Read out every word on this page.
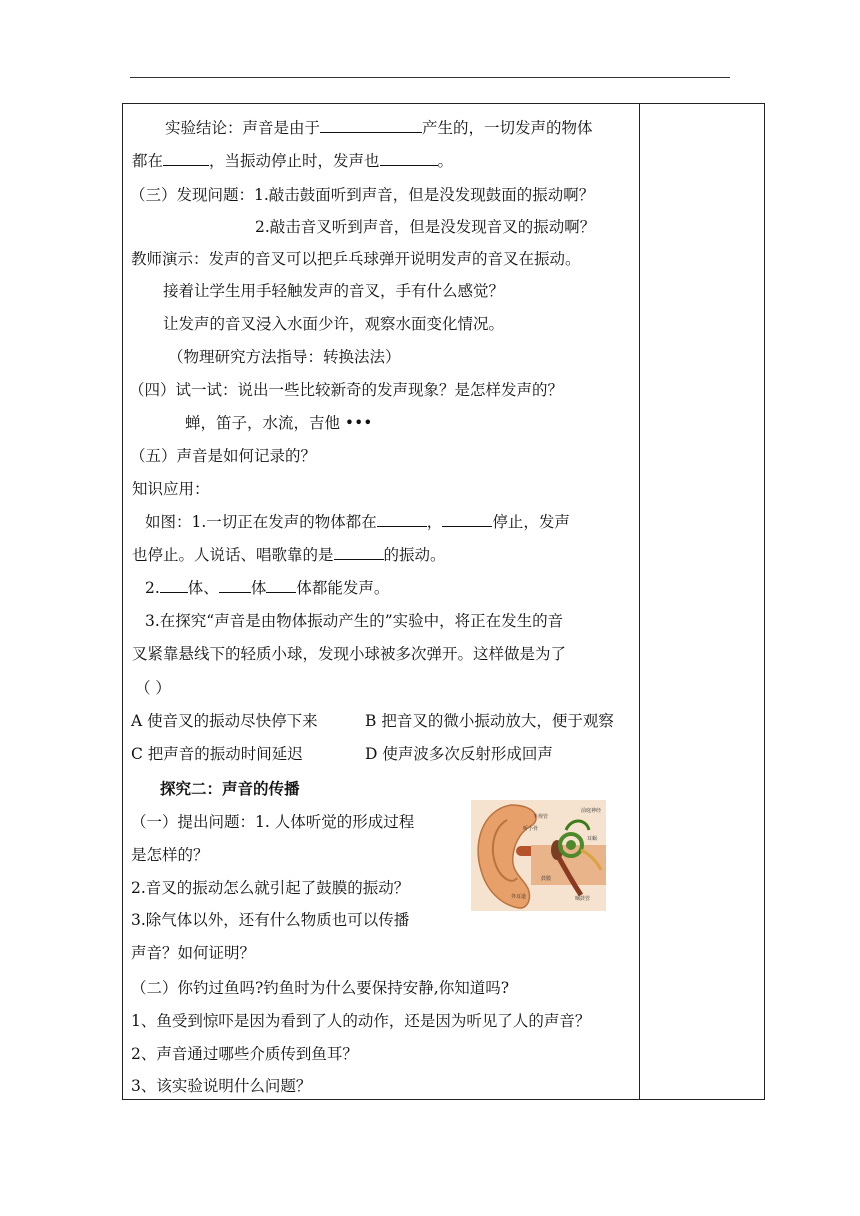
半规管
前庭神经
听小骨
耳蜗
鼓膜
外耳道	咽鼓管
实验结论：声音是由于	产生的，一切发声的物体
都在	，当振动停止时，发声也	。
（三）发现问题：1.敲击鼓面听到声音，但是没发现鼓面的振动啊？
2.敲击音叉听到声音，但是没发现音叉的振动啊？
教师演示：发声的音叉可以把乒乓球弹开说明发声的音叉在振动。
接着让学生用手轻触发声的音叉，手有什么感觉？
让发声的音叉浸入水面少许，观察水面变化情况。
（物理研究方法指导：转换法法）
（四）试一试：说出一些比较新奇的发声现象？是怎样发声的？
蝉，笛子，水流，吉他 •••
（五）声音是如何记录的？
知识应用：
如图：1.一切正在发声的物体都在	，	停止，发声
也停止。人说话、唱歌靠的是	的振动。
2. 体、 体 体都能发声。
3.在探究“声音是由物体振动产生的”实验中，将正在发生的音
叉紧靠悬线下的轻质小球，发现小球被多次弹开。这样做是为了
（ ）
A 使音叉的振动尽快停下来	B 把音叉的微小振动放大，便于观察
C 把声音的振动时间延迟	D 使声波多次反射形成回声
探究二：声音的传播
（一）提出问题：1. 人体听觉的形成过程
是怎样的？
2.音叉的振动怎么就引起了鼓膜的振动？
3.除气体以外，还有什么物质也可以传播
声音？如何证明？
（二）你钓过鱼吗?钓鱼时为什么要保持安静,你知道吗?
1、鱼受到惊吓是因为看到了人的动作，还是因为听见了人的声音？
2、声音通过哪些介质传到鱼耳？
3、该实验说明什么问题？
